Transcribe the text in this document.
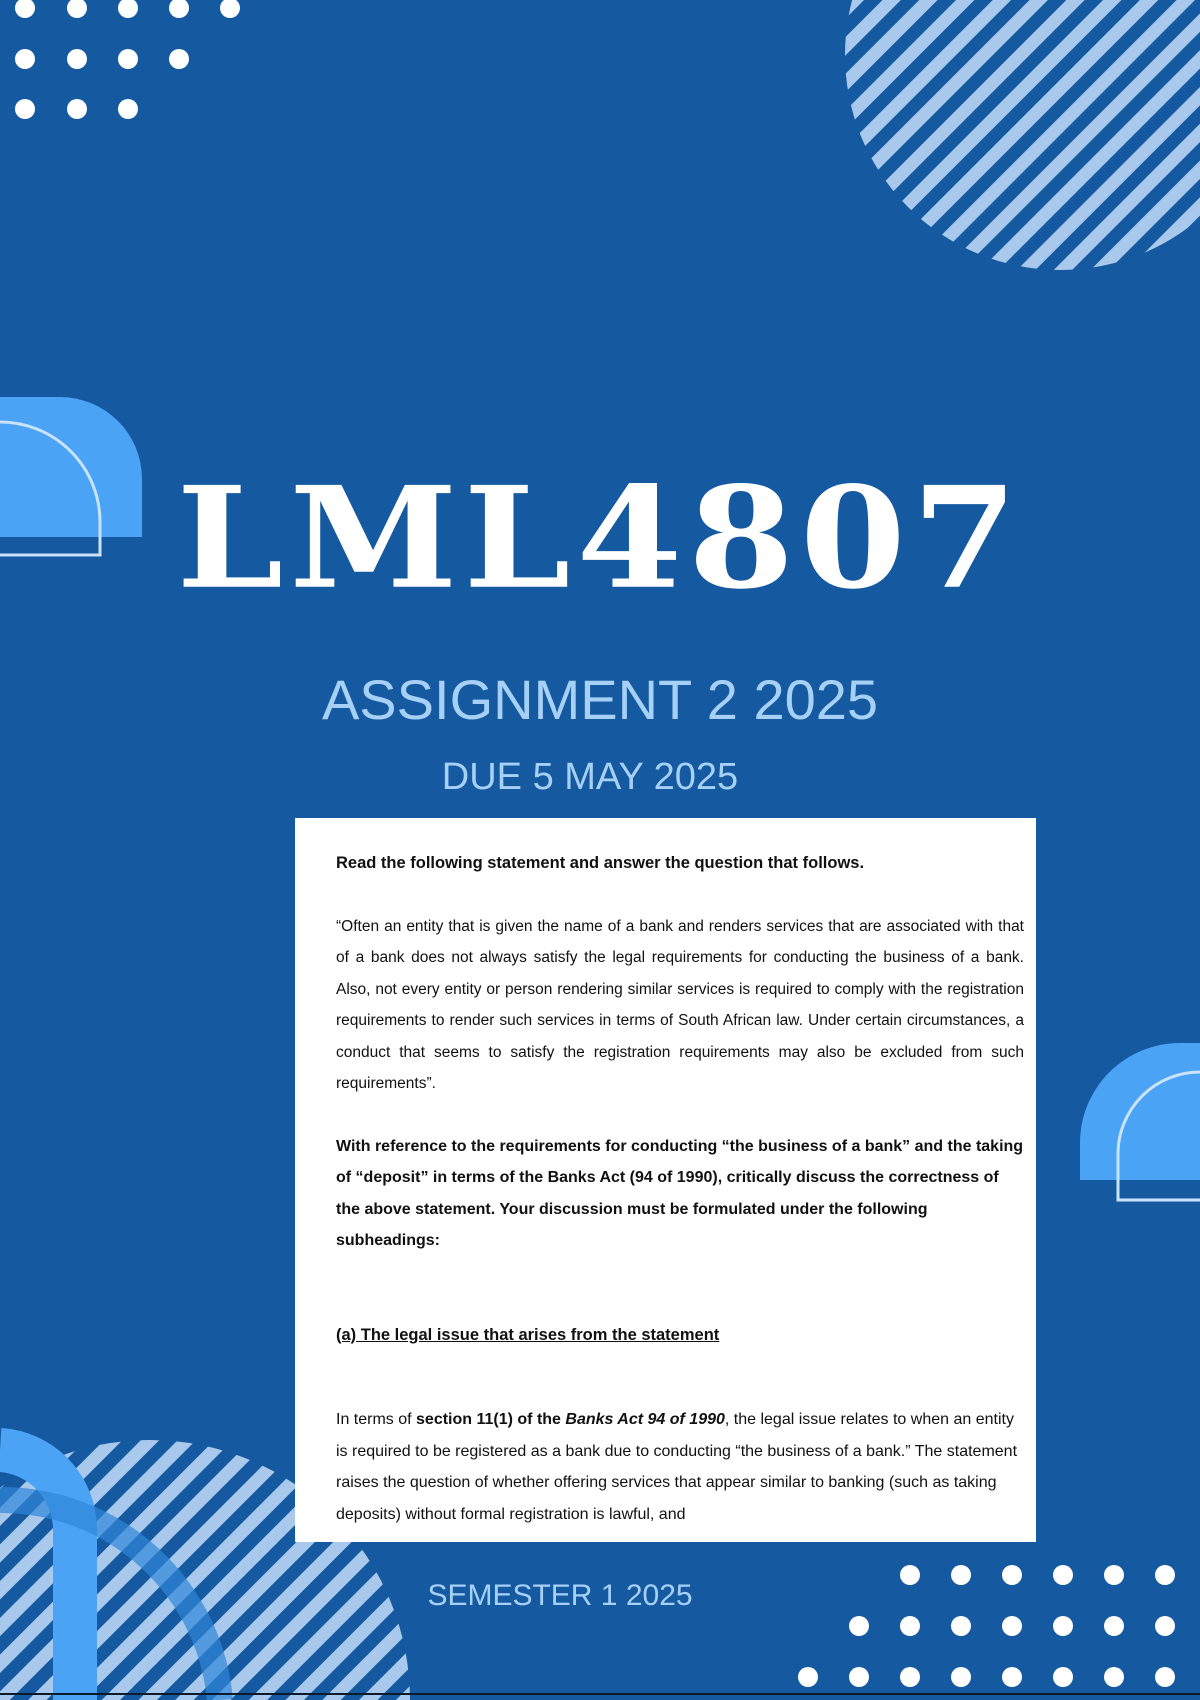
LML4807
ASSIGNMENT 2 2025
DUE 5 MAY 2025

Read the following statement and answer the question that follows.

“Often an entity that is given the name of a bank and renders services that are associated with that of a bank does not always satisfy the legal requirements for conducting the business of a bank. Also, not every entity or person rendering similar services is required to comply with the registration requirements to render such services in terms of South African law. Under certain circumstances, a conduct that seems to satisfy the registration requirements may also be excluded from such requirements”.

With reference to the requirements for conducting “the business of a bank” and the taking of “deposit” in terms of the Banks Act (94 of 1990), critically discuss the correctness of the above statement. Your discussion must be formulated under the following subheadings:

(a) The legal issue that arises from the statement

In terms of section 11(1) of the Banks Act 94 of 1990, the legal issue relates to when an entity is required to be registered as a bank due to conducting “the business of a bank.” The statement raises the question of whether offering services that appear similar to banking (such as taking deposits) without formal registration is lawful, and

SEMESTER 1 2025
